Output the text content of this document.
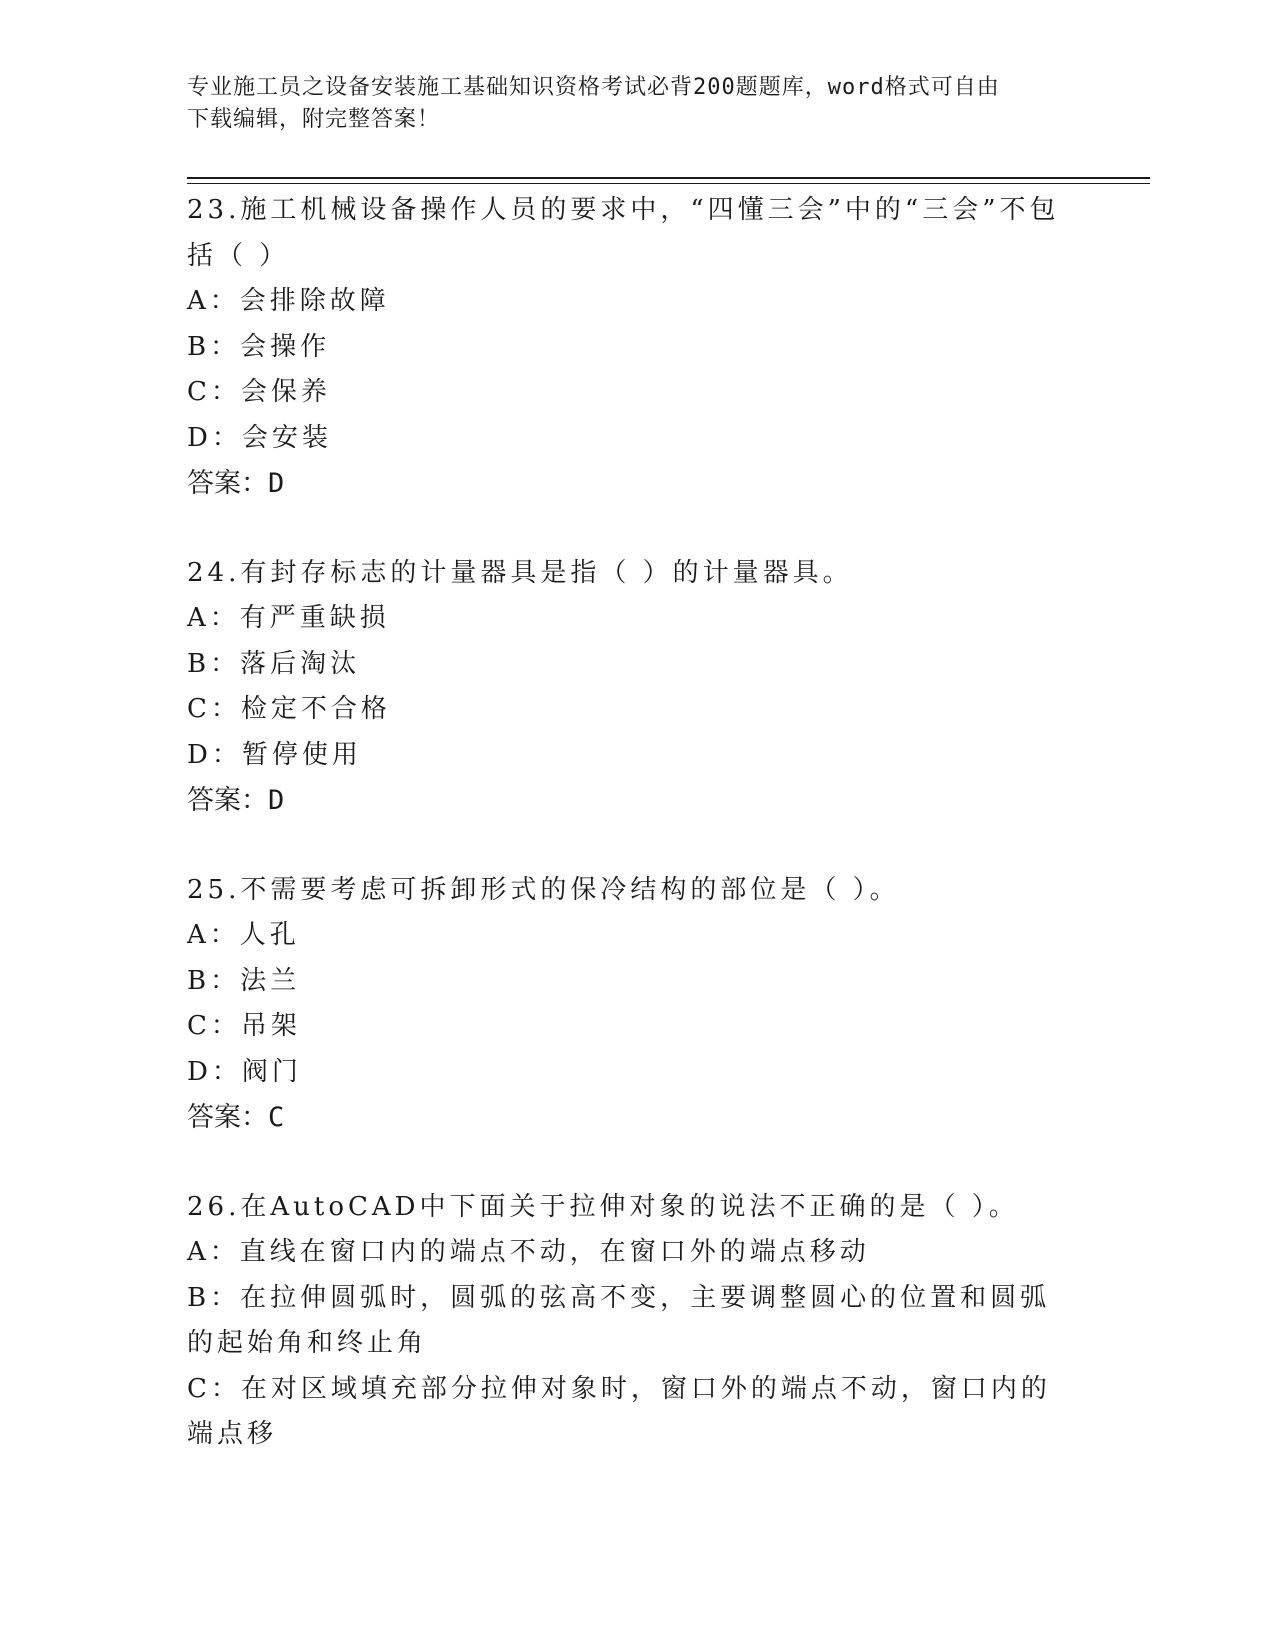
专业施工员之设备安装施工基础知识资格考试必背200题题库，word格式可自由
下载编辑，附完整答案！
23.施工机械设备操作人员的要求中，“四懂三会”中的“三会”不包括（ ）
A：会排除故障
B：会操作
C：会保养
D：会安装
答案：D
24.有封存标志的计量器具是指（ ）的计量器具。
A：有严重缺损
B：落后淘汰
C：检定不合格
D：暂停使用
答案：D
25.不需要考虑可拆卸形式的保冷结构的部位是（ ）。
A：人孔
B：法兰
C：吊架
D：阀门
答案：C
26.在AutoCAD中下面关于拉伸对象的说法不正确的是（ ）。
A：直线在窗口内的端点不动，在窗口外的端点移动
B：在拉伸圆弧时，圆弧的弦高不变，主要调整圆心的位置和圆弧的起始角和终止角
C：在对区域填充部分拉伸对象时，窗口外的端点不动，窗口内的端点移
